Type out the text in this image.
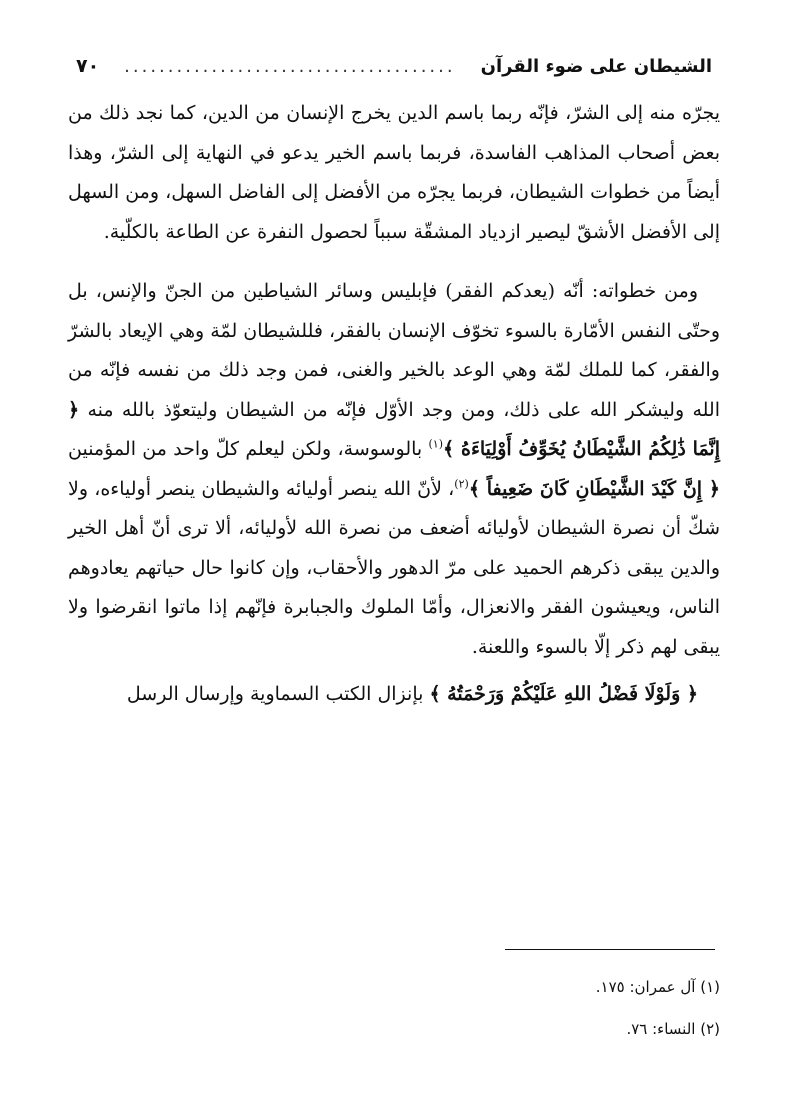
الشيطان على ضوء القرآن
......................................
٧٠

يجرّه منه إلى الشرّ، فإنّه ربما باسم الدين يخرج الإنسان من الدين، كما نجد ذلك من بعض أصحاب المذاهب الفاسدة، فربما باسم الخير يدعو في النهاية إلى الشرّ، وهذا أيضاً من خطوات الشيطان، فربما يجرّه من الأفضل إلى الفاضل السهل، ومن السهل إلى الأفضل الأشقّ ليصير ازدياد المشقّة سبباً لحصول النفرة عن الطاعة بالكلّية.

ومن خطواته: أنّه (يعدكم الفقر) فإبليس وسائر الشياطين من الجنّ والإنس، بل وحتّى النفس الأمّارة بالسوء تخوّف الإنسان بالفقر، فللشيطان لمّة وهي الإيعاد بالشرّ والفقر، كما للملك لمّة وهي الوعد بالخير والغنى، فمن وجد ذلك من نفسه فإنّه من الله وليشكر الله على ذلك، ومن وجد الأوّل فإنّه من الشيطان وليتعوّذ بالله منه ﴿ إِنَّمَا ذَٰلِكُمُ الشَّيْطَانُ يُخَوِّفُ أَوْلِيَاءَهُ ﴾$^{(١)}$ بالوسوسة، ولكن ليعلم كلّ واحد من المؤمنين ﴿ إِنَّ كَيْدَ الشَّيْطَانِ كَانَ ضَعِيفاً ﴾$^{(٢)}$، لأنّ الله ينصر أوليائه والشيطان ينصر أولياءه، ولا شكّ أن نصرة الشيطان لأوليائه أضعف من نصرة الله لأوليائه، ألا ترى أنّ أهل الخير والدين يبقى ذكرهم الحميد على مرّ الدهور والأحقاب، وإن كانوا حال حياتهم يعادوهم الناس، ويعيشون الفقر والانعزال، وأمّا الملوك والجبابرة فإنّهم إذا ماتوا انقرضوا ولا يبقى لهم ذكر إلّا بالسوء واللعنة.

﴿ وَلَوْلَا فَضْلُ اللهِ عَلَيْكُمْ وَرَحْمَتُهُ ﴾ بإنزال الكتب السماوية وإرسال الرسل

(١) آل عمران: ١٧٥.
(٢) النساء: ٧٦.
